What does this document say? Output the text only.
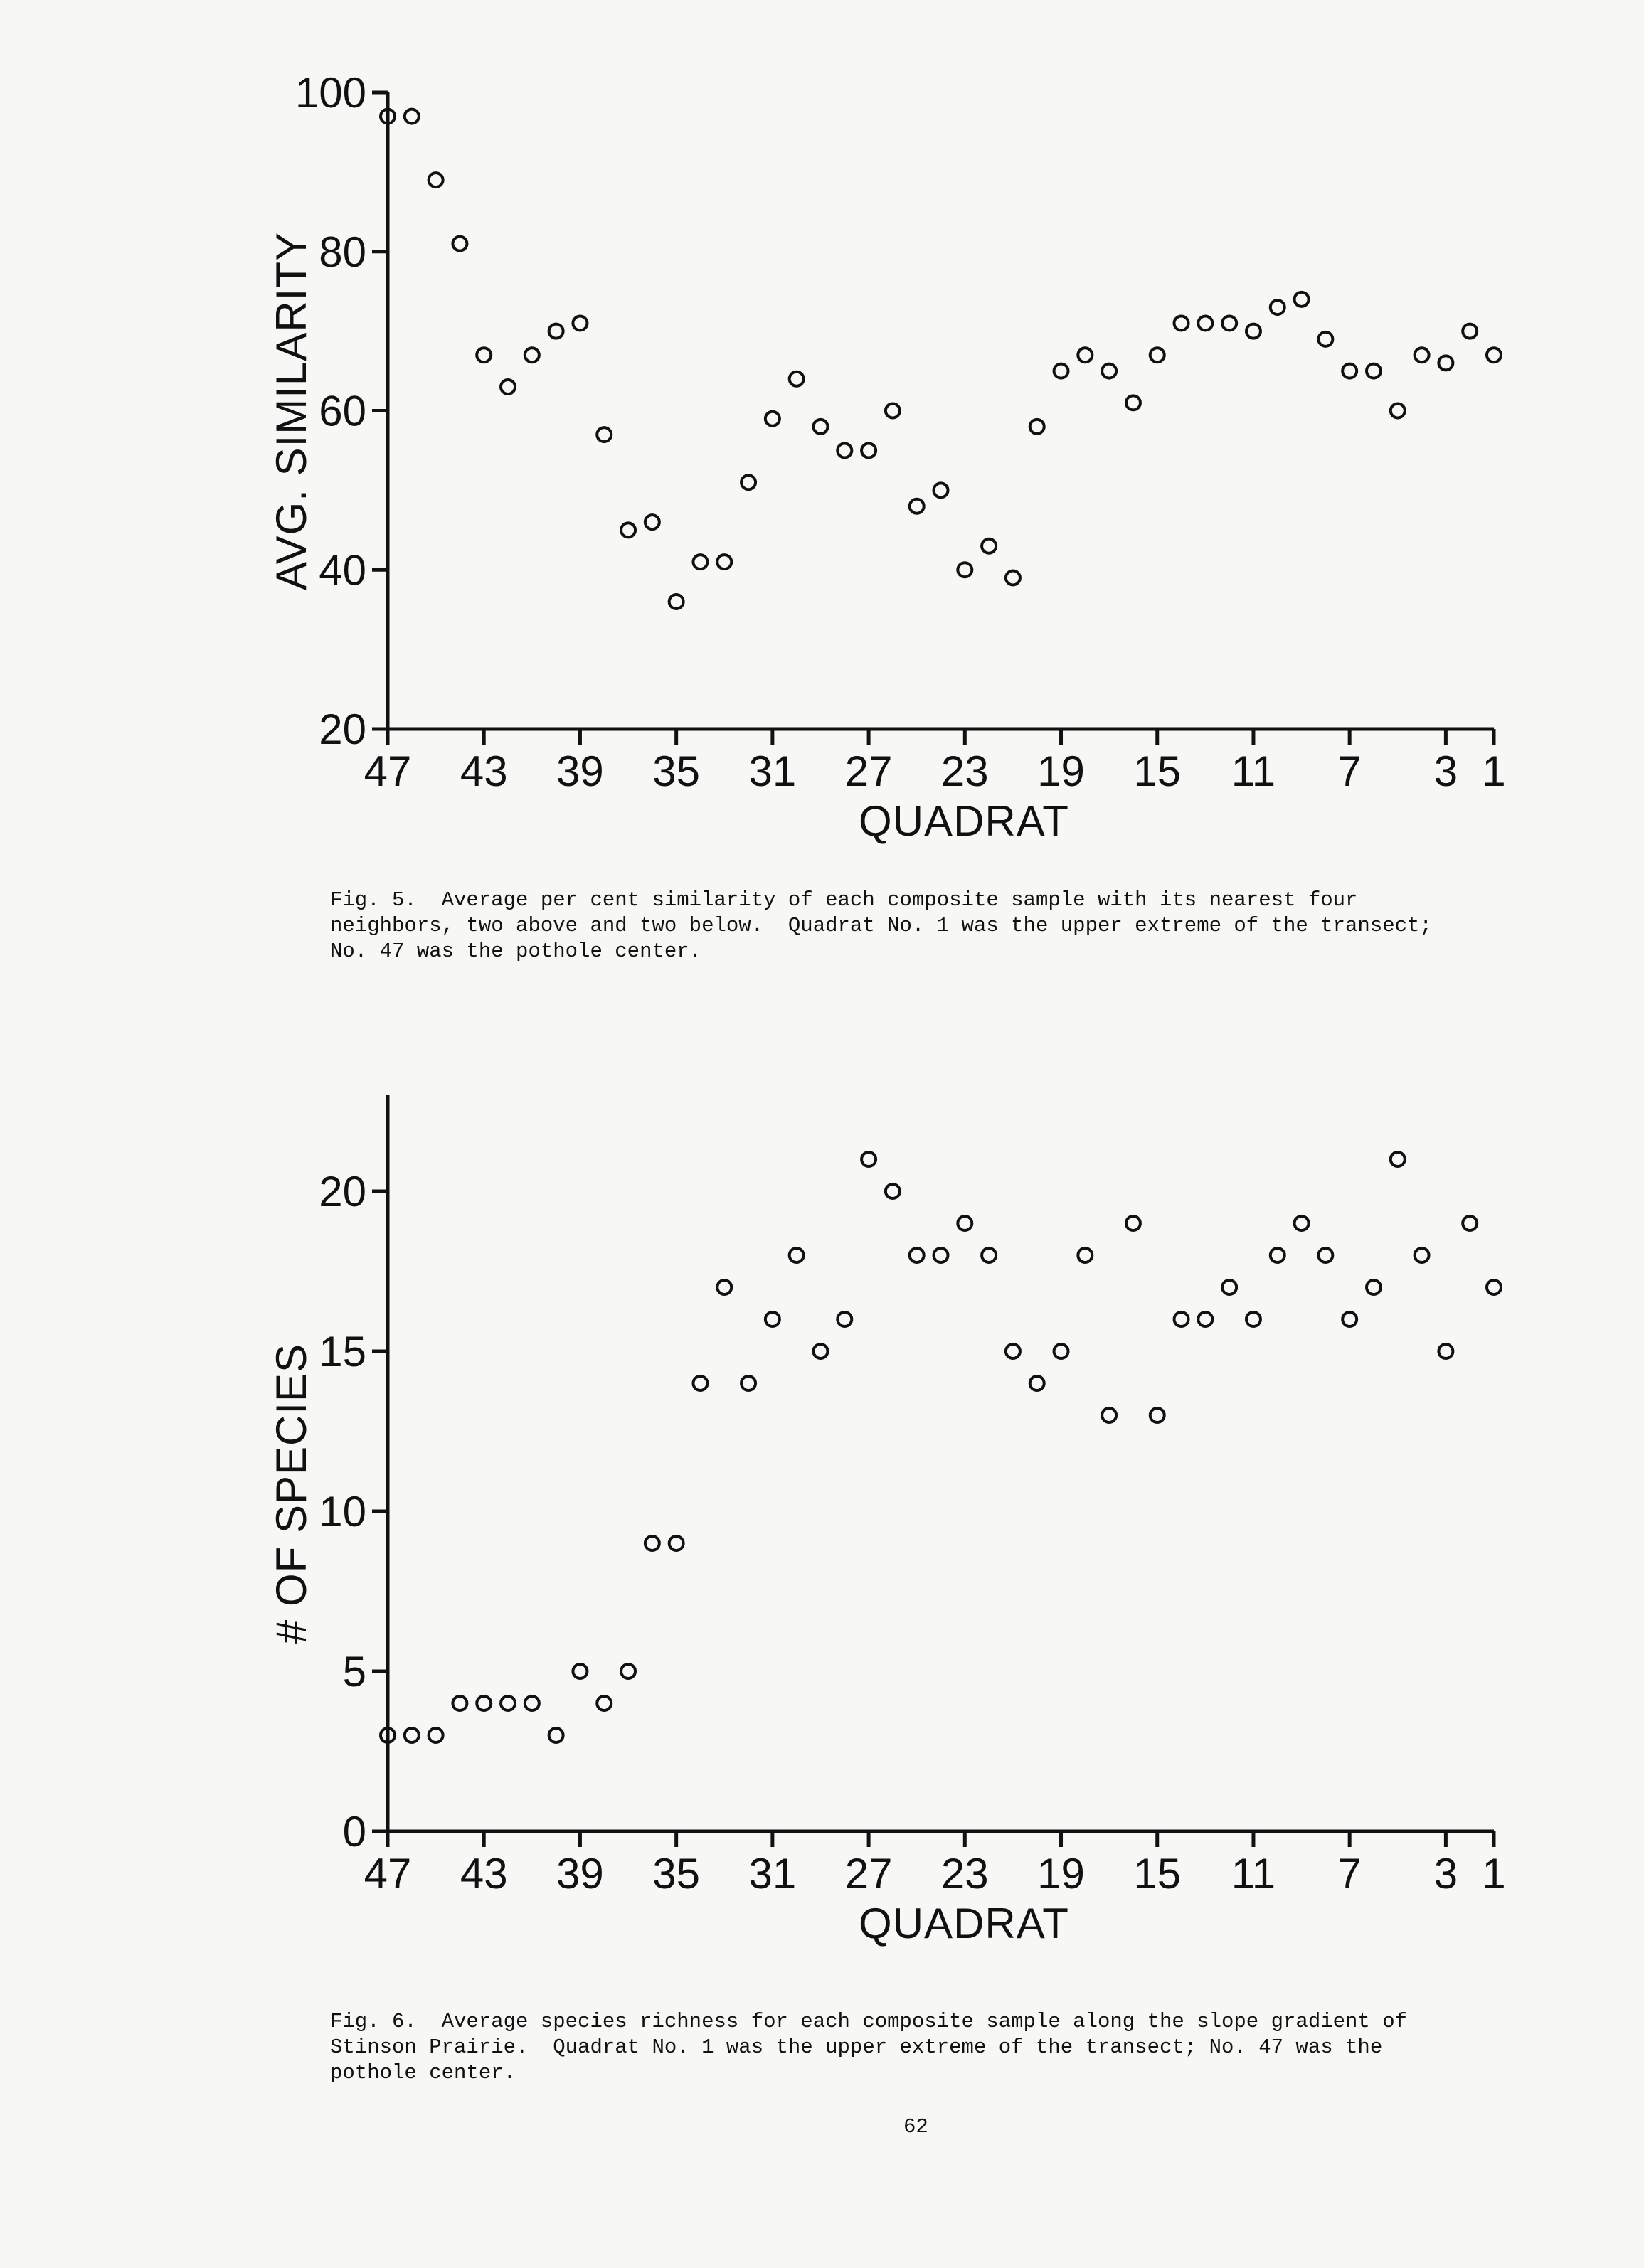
47 43 39 35 31 27 23 19 15 11 7 3 1
20
40
60
80
100
QUADRAT
AVG. SIMILARITY

Fig. 5.  Average per cent similarity of each composite sample with its nearest four
neighbors, two above and two below.  Quadrat No. 1 was the upper extreme of the transect;
No. 47 was the pothole center.

47 43 39 35 31 27 23 19 15 11 7 3 1
0
5
10
15
20
QUADRAT
# OF SPECIES

Fig. 6.  Average species richness for each composite sample along the slope gradient of
Stinson Prairie.  Quadrat No. 1 was the upper extreme of the transect; No. 47 was the
pothole center.

62
